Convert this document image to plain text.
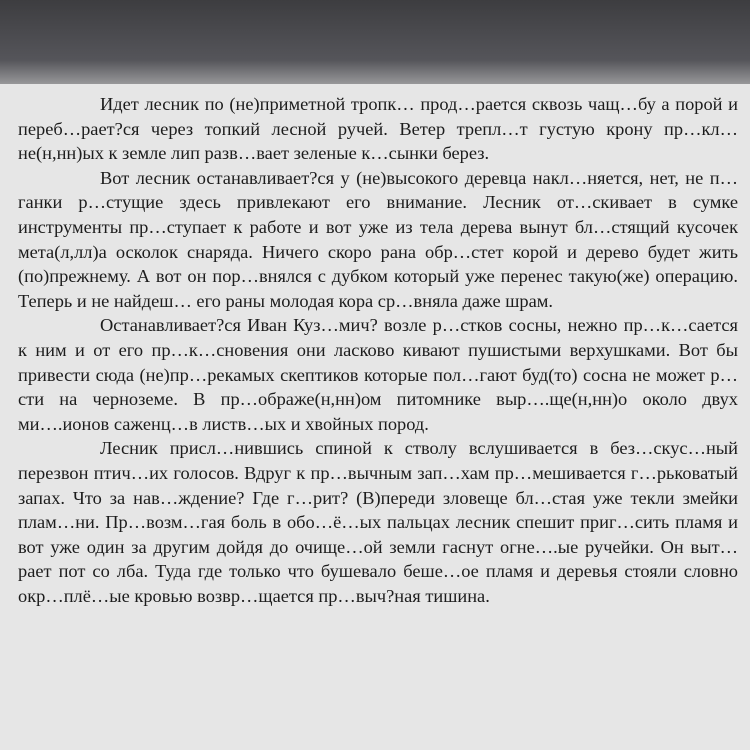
Идет лесник по (не)приметной тропк… прод…рается сквозь чащ…бу а порой и переб…рает?ся через топкий лесной ручей. Ветер трепл…т густую крону пр…кл…не(н,нн)ых к земле лип разв…вает зеленые к…сынки берез.

Вот лесник останавливает?ся у (не)высокого деревца накл…няется, нет, не п…ганки р…стущие здесь привлекают его внимание. Лесник от…скивает в сумке инструменты пр…ступает к работе и вот уже из тела дерева вынут бл…стящий кусочек мета(л,лл)а осколок снаряда. Ничего скоро рана обр…стет корой и дерево будет жить (по)прежнему. А вот он пор…внялся с дубком который уже перенес такую(же) операцию. Теперь и не найдеш… его раны молодая кора ср…вняла даже шрам.

Останавливает?ся Иван Куз…мич? возле р…стков сосны, нежно пр…к…сается к ним и от его пр…к…сновения они ласково кивают пушистыми верхушками. Вот бы привести сюда (не)пр…рекамых скептиков которые пол…гают буд(то) сосна не может р…сти на черноземе. В пр…ображе(н,нн)ом питомнике выр….ще(н,нн)о около двух ми….ионов саженц…в листв…ых и хвойных пород.

Лесник присл…нившись спиной к стволу вслушивается в без…скус…ный перезвон птич…их голосов. Вдруг к пр…вычным зап…хам пр…мешивается г…рьковатый запах. Что за нав…ждение? Где г…рит? (В)переди зловеще бл…стая уже текли змейки плам…ни. Пр…возм…гая боль в обо…ё…ых пальцах лесник спешит приг…сить пламя и вот уже один за другим дойдя до очище…ой земли гаснут огне….ые ручейки. Он выт…рает пот со лба. Туда где только что бушевало беше…ое пламя и деревья стояли словно окр…плё…ые кровью возвр…щается пр…выч?ная тишина.
